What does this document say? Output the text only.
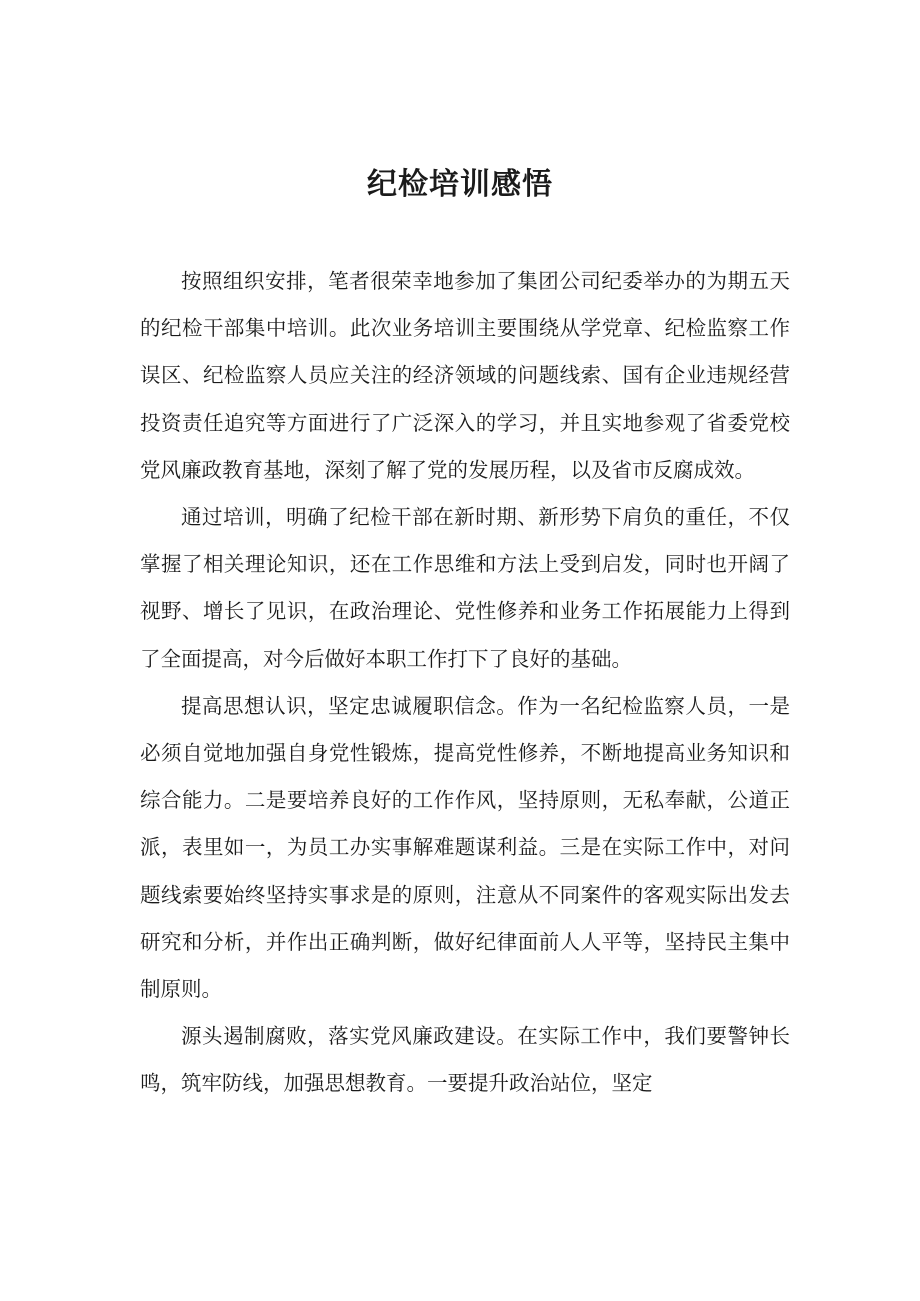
纪检培训感悟

按照组织安排，笔者很荣幸地参加了集团公司纪委举办的为期五天的纪检干部集中培训。此次业务培训主要围绕从学党章、纪检监察工作误区、纪检监察人员应关注的经济领域的问题线索、国有企业违规经营投资责任追究等方面进行了广泛深入的学习，并且实地参观了省委党校党风廉政教育基地，深刻了解了党的发展历程，以及省市反腐成效。

通过培训，明确了纪检干部在新时期、新形势下肩负的重任，不仅掌握了相关理论知识，还在工作思维和方法上受到启发，同时也开阔了视野、增长了见识，在政治理论、党性修养和业务工作拓展能力上得到了全面提高，对今后做好本职工作打下了良好的基础。

提高思想认识，坚定忠诚履职信念。作为一名纪检监察人员，一是必须自觉地加强自身党性锻炼，提高党性修养，不断地提高业务知识和综合能力。二是要培养良好的工作作风，坚持原则，无私奉献，公道正派，表里如一，为员工办实事解难题谋利益。三是在实际工作中，对问题线索要始终坚持实事求是的原则，注意从不同案件的客观实际出发去研究和分析，并作出正确判断，做好纪律面前人人平等，坚持民主集中制原则。

源头遏制腐败，落实党风廉政建设。在实际工作中，我们要警钟长鸣，筑牢防线，加强思想教育。一要提升政治站位，坚定
